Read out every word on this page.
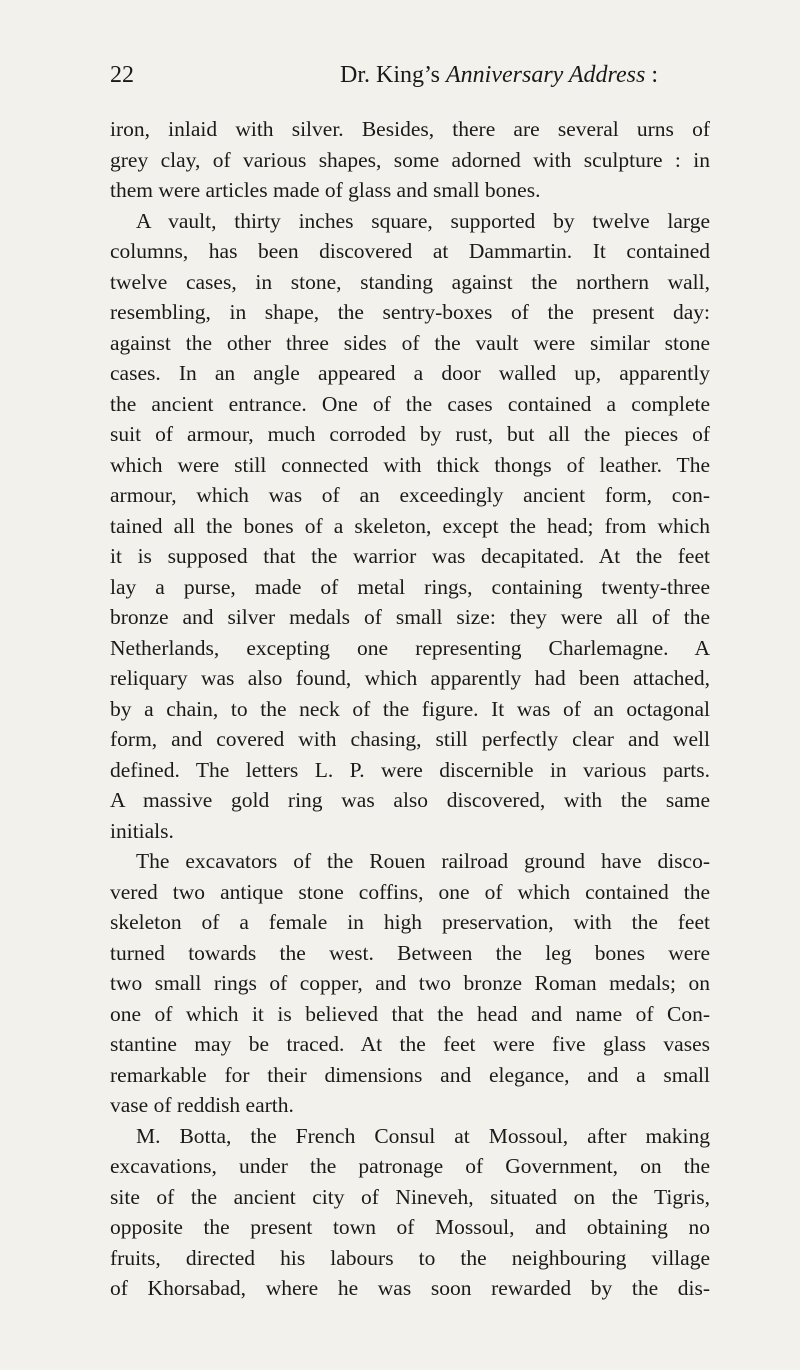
22	Dr. King’s Anniversary Address :
iron, inlaid with silver. Besides, there are several urns of
grey clay, of various shapes, some adorned with sculpture : in
them were articles made of glass and small bones.
A vault, thirty inches square, supported by twelve large
columns, has been discovered at Dammartin. It contained
twelve cases, in stone, standing against the northern wall,
resembling, in shape, the sentry-boxes of the present day:
against the other three sides of the vault were similar stone
cases. In an angle appeared a door walled up, apparently
the ancient entrance. One of the cases contained a complete
suit of armour, much corroded by rust, but all the pieces of
which were still connected with thick thongs of leather. The
armour, which was of an exceedingly ancient form, con-
tained all the bones of a skeleton, except the head; from which
it is supposed that the warrior was decapitated. At the feet
lay a purse, made of metal rings, containing twenty-three
bronze and silver medals of small size: they were all of the
Netherlands, excepting one representing Charlemagne. A
reliquary was also found, which apparently had been attached,
by a chain, to the neck of the figure. It was of an octagonal
form, and covered with chasing, still perfectly clear and well
defined. The letters L. P. were discernible in various parts.
A massive gold ring was also discovered, with the same
initials.
The excavators of the Rouen railroad ground have disco-
vered two antique stone coffins, one of which contained the
skeleton of a female in high preservation, with the feet
turned towards the west. Between the leg bones were
two small rings of copper, and two bronze Roman medals; on
one of which it is believed that the head and name of Con-
stantine may be traced. At the feet were five glass vases
remarkable for their dimensions and elegance, and a small
vase of reddish earth.
M. Botta, the French Consul at Mossoul, after making
excavations, under the patronage of Government, on the
site of the ancient city of Nineveh, situated on the Tigris,
opposite the present town of Mossoul, and obtaining no
fruits, directed his labours to the neighbouring village
of Khorsabad, where he was soon rewarded by the dis-
